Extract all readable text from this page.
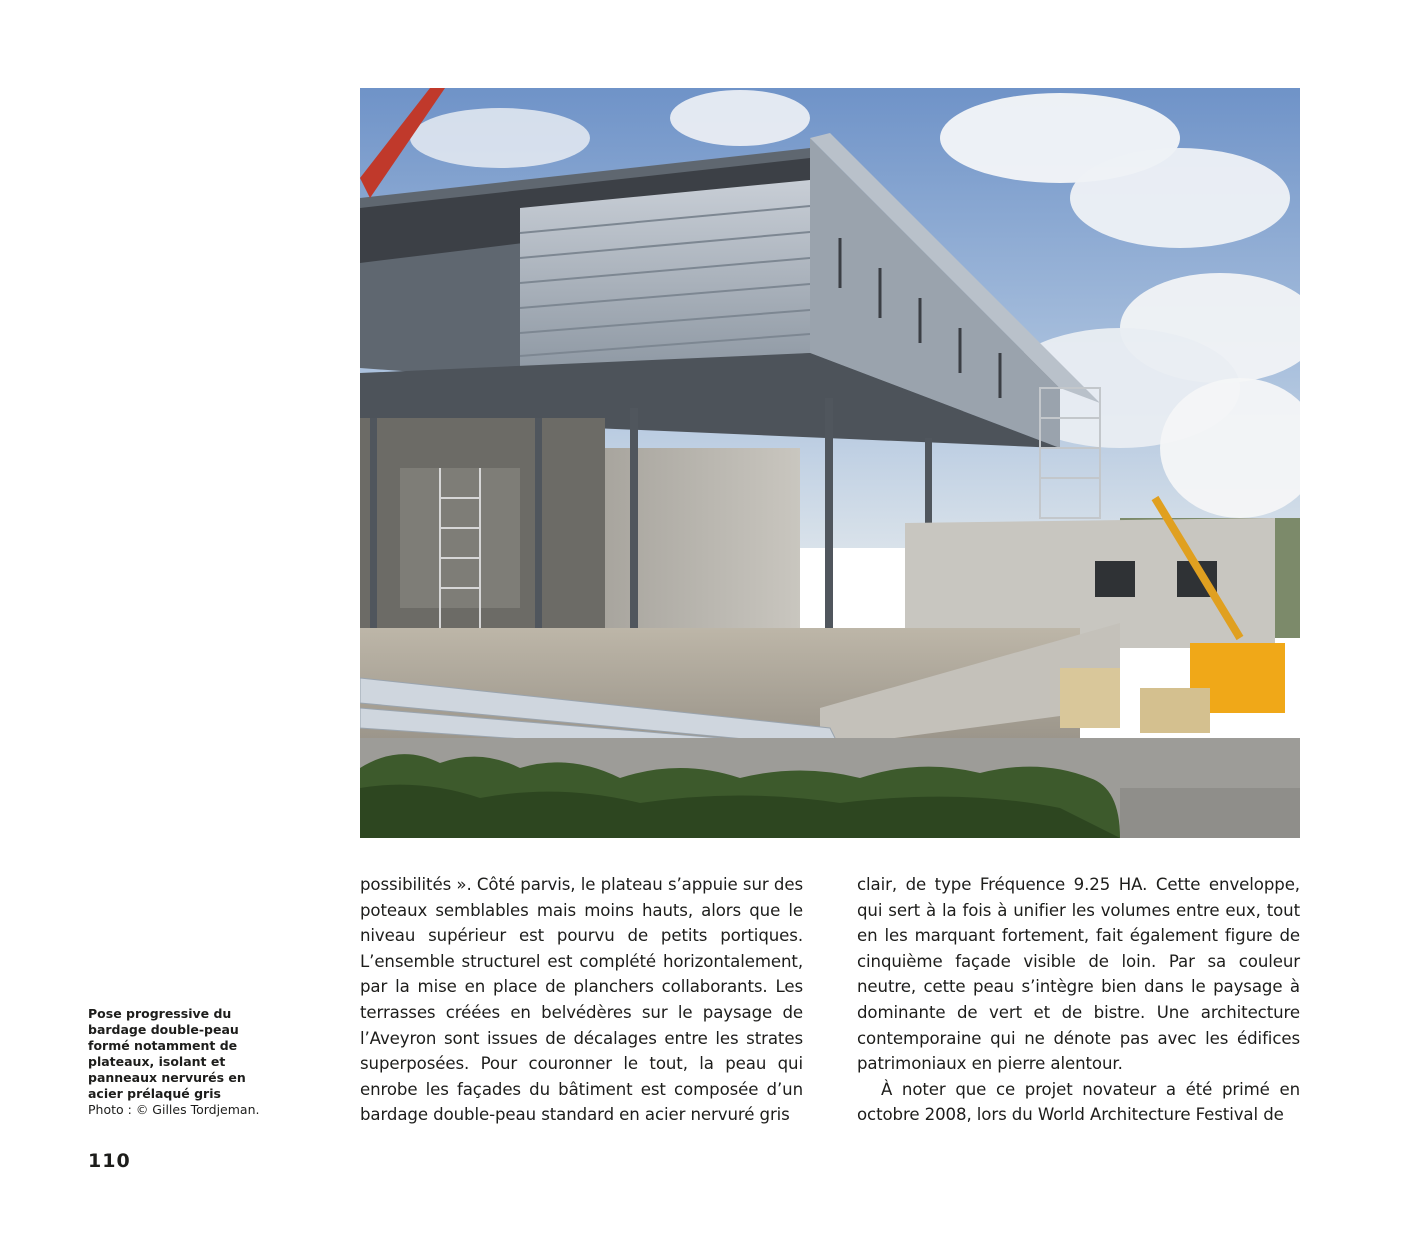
Pose progressive du bardage double-peau formé notamment de plateaux, isolant et panneaux nervurés en acier prélaqué gris
Photo : © Gilles Tordjeman.

possibilités ». Côté parvis, le plateau s’appuie sur des poteaux semblables mais moins hauts, alors que le niveau supérieur est pourvu de petits portiques. L’ensemble structurel est complété horizontalement, par la mise en place de planchers collaborants. Les terrasses créées en belvédères sur le paysage de l’Aveyron sont issues de décalages entre les strates superposées. Pour couronner le tout, la peau qui enrobe les façades du bâtiment est composée d’un bardage double-peau standard en acier nervuré gris

clair, de type Fréquence 9.25 HA. Cette enveloppe, qui sert à la fois à unifier les volumes entre eux, tout en les marquant fortement, fait également figure de cinquième façade visible de loin. Par sa couleur neutre, cette peau s’intègre bien dans le paysage à dominante de vert et de bistre. Une architecture contemporaine qui ne dénote pas avec les édifices patrimoniaux en pierre alentour.

À noter que ce projet novateur a été primé en octobre 2008, lors du World Architecture Festival de

110
